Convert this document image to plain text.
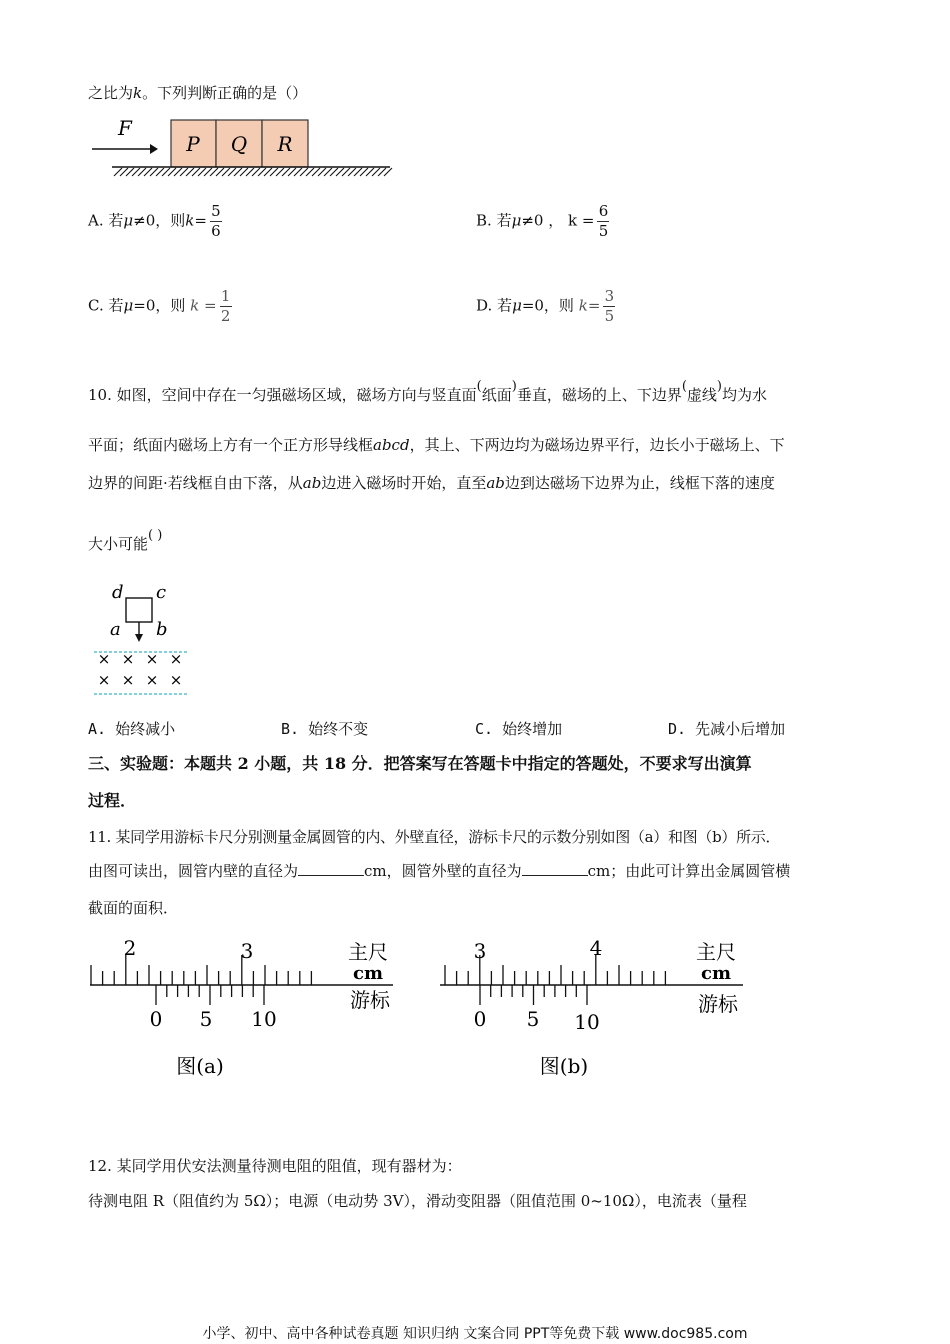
之比为k。下列判断正确的是（）
F
P Q R
A. 若μ≠0，则$k= \frac{5}{6}$	B. 若μ≠0 ， $k = \frac{6}{5}$
C. 若μ=0，则 $k = \frac{1}{2}$	D. 若μ=0，则 $k= \frac{3}{5}$
10. 如图，空间中存在一匀强磁场区域，磁场方向与竖直面(纸面)垂直，磁场的上、下边界(虚线)均为水
平面；纸面内磁场上方有一个正方形导线框abcd，其上、下两边均为磁场边界平行，边长小于磁场上、下
边界的间距·若线框自由下落，从ab边进入磁场时开始，直至ab边到达磁场下边界为止，线框下落的速度
大小可能( )
d c
a b
× × × ×
× × × ×
A. 始终减小	B. 始终不变	C. 始终增加	D. 先减小后增加
三、实验题：本题共 2 小题，共 18 分．把答案写在答题卡中指定的答题处，不要求写出演算
过程．
11. 某同学用游标卡尺分别测量金属圆管的内、外壁直径，游标卡尺的示数分别如图（a）和图（b）所示．
由图可读出，圆管内壁的直径为	cm，圆管外壁的直径为	cm；由此可计算出金属圆管横
截面的面积．
2	3	主尺
cm
0 5 10
游标
图(a)
3	4	主尺
cm
0 5 10
游标
图(b)
12. 某同学用伏安法测量待测电阻的阻值，现有器材为：
待测电阻 R（阻值约为 5Ω）；电源（电动势 3V），滑动变阻器（阻值范围 0~10Ω），电流表（量程
小学、初中、高中各种试卷真题 知识归纳 文案合同 PPT等免费下载 www.doc985.com
